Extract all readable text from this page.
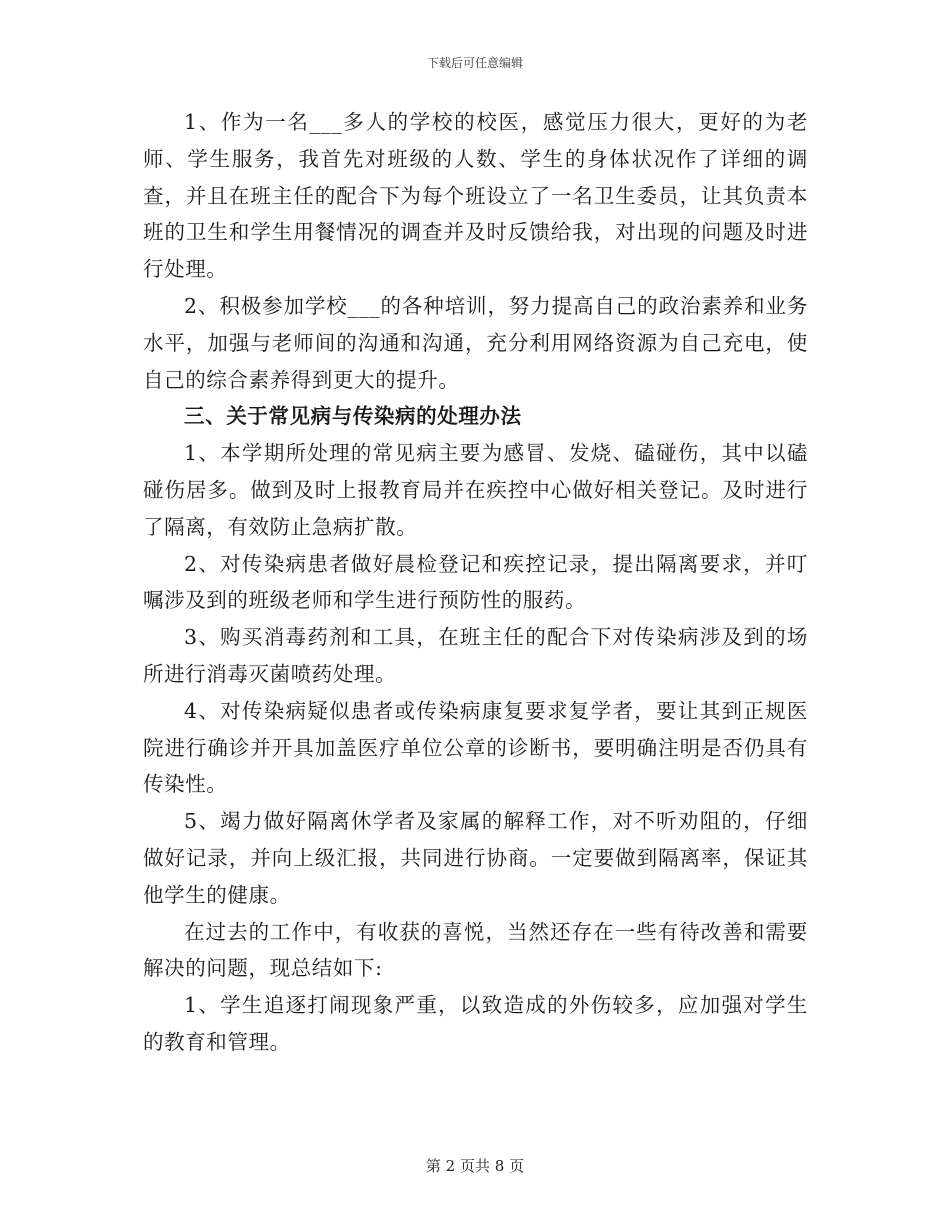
下载后可任意编辑

1、作为一名___多人的学校的校医，感觉压力很大，更好的为老师、学生服务，我首先对班级的人数、学生的身体状况作了详细的调查，并且在班主任的配合下为每个班设立了一名卫生委员，让其负责本班的卫生和学生用餐情况的调查并及时反馈给我，对出现的问题及时进行处理。

2、积极参加学校___的各种培训，努力提高自己的政治素养和业务水平，加强与老师间的沟通和沟通，充分利用网络资源为自己充电，使自己的综合素养得到更大的提升。

三、关于常见病与传染病的处理办法

1、本学期所处理的常见病主要为感冒、发烧、磕碰伤，其中以磕碰伤居多。做到及时上报教育局并在疾控中心做好相关登记。及时进行了隔离，有效防止急病扩散。

2、对传染病患者做好晨检登记和疾控记录，提出隔离要求，并叮嘱涉及到的班级老师和学生进行预防性的服药。

3、购买消毒药剂和工具，在班主任的配合下对传染病涉及到的场所进行消毒灭菌喷药处理。

4、对传染病疑似患者或传染病康复要求复学者，要让其到正规医院进行确诊并开具加盖医疗单位公章的诊断书，要明确注明是否仍具有传染性。

5、竭力做好隔离休学者及家属的解释工作，对不听劝阻的，仔细做好记录，并向上级汇报，共同进行协商。一定要做到隔离率，保证其他学生的健康。

在过去的工作中，有收获的喜悦，当然还存在一些有待改善和需要解决的问题，现总结如下:

1、学生追逐打闹现象严重，以致造成的外伤较多，应加强对学生的教育和管理。

第 2 页共 8 页
